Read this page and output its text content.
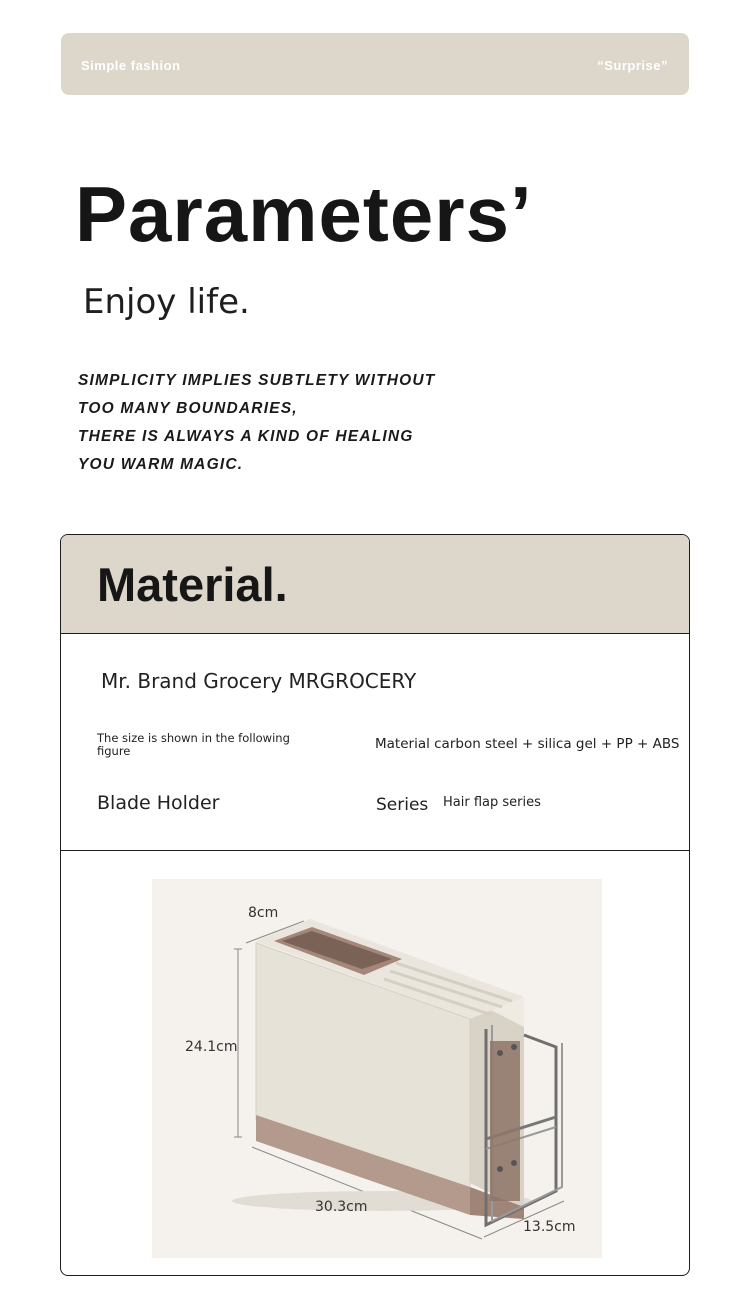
Simple fashion	“Surprise”
Parameters’
Enjoy life.
SIMPLICITY IMPLIES SUBTLETY WITHOUT
TOO MANY BOUNDARIES,
THERE IS ALWAYS A KIND OF HEALING
YOU WARM MAGIC.
Material.
Mr. Brand Grocery MRGROCERY
The size is shown in the following figure	Material carbon steel + silica gel + PP + ABS
Blade Holder	Series Hair flap series
8cm
24.1cm
30.3cm
13.5cm
